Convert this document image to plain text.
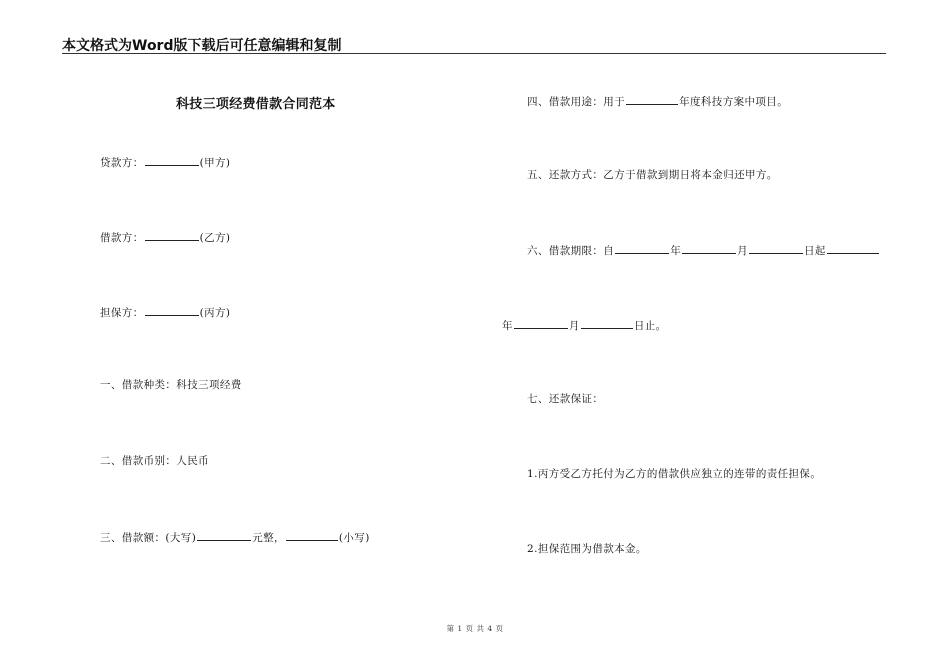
本文格式为Word版下载后可任意编辑和复制
科技三项经费借款合同范本
贷款方：	(甲方)
借款方：	(乙方)
担保方：	(丙方)
一、借款种类：科技三项经费
二、借款币别：人民币
三、借款额：(大写)	元整，	(小写)
四、借款用途：用于	年度科技方案中项目。
五、还款方式：乙方于借款到期日将本金归还甲方。
六、借款期限：自	年	月	日起
年	月	日止。
七、还款保证：
1.丙方受乙方托付为乙方的借款供应独立的连带的责任担保。
2.担保范围为借款本金。
第 1 页 共 4 页
